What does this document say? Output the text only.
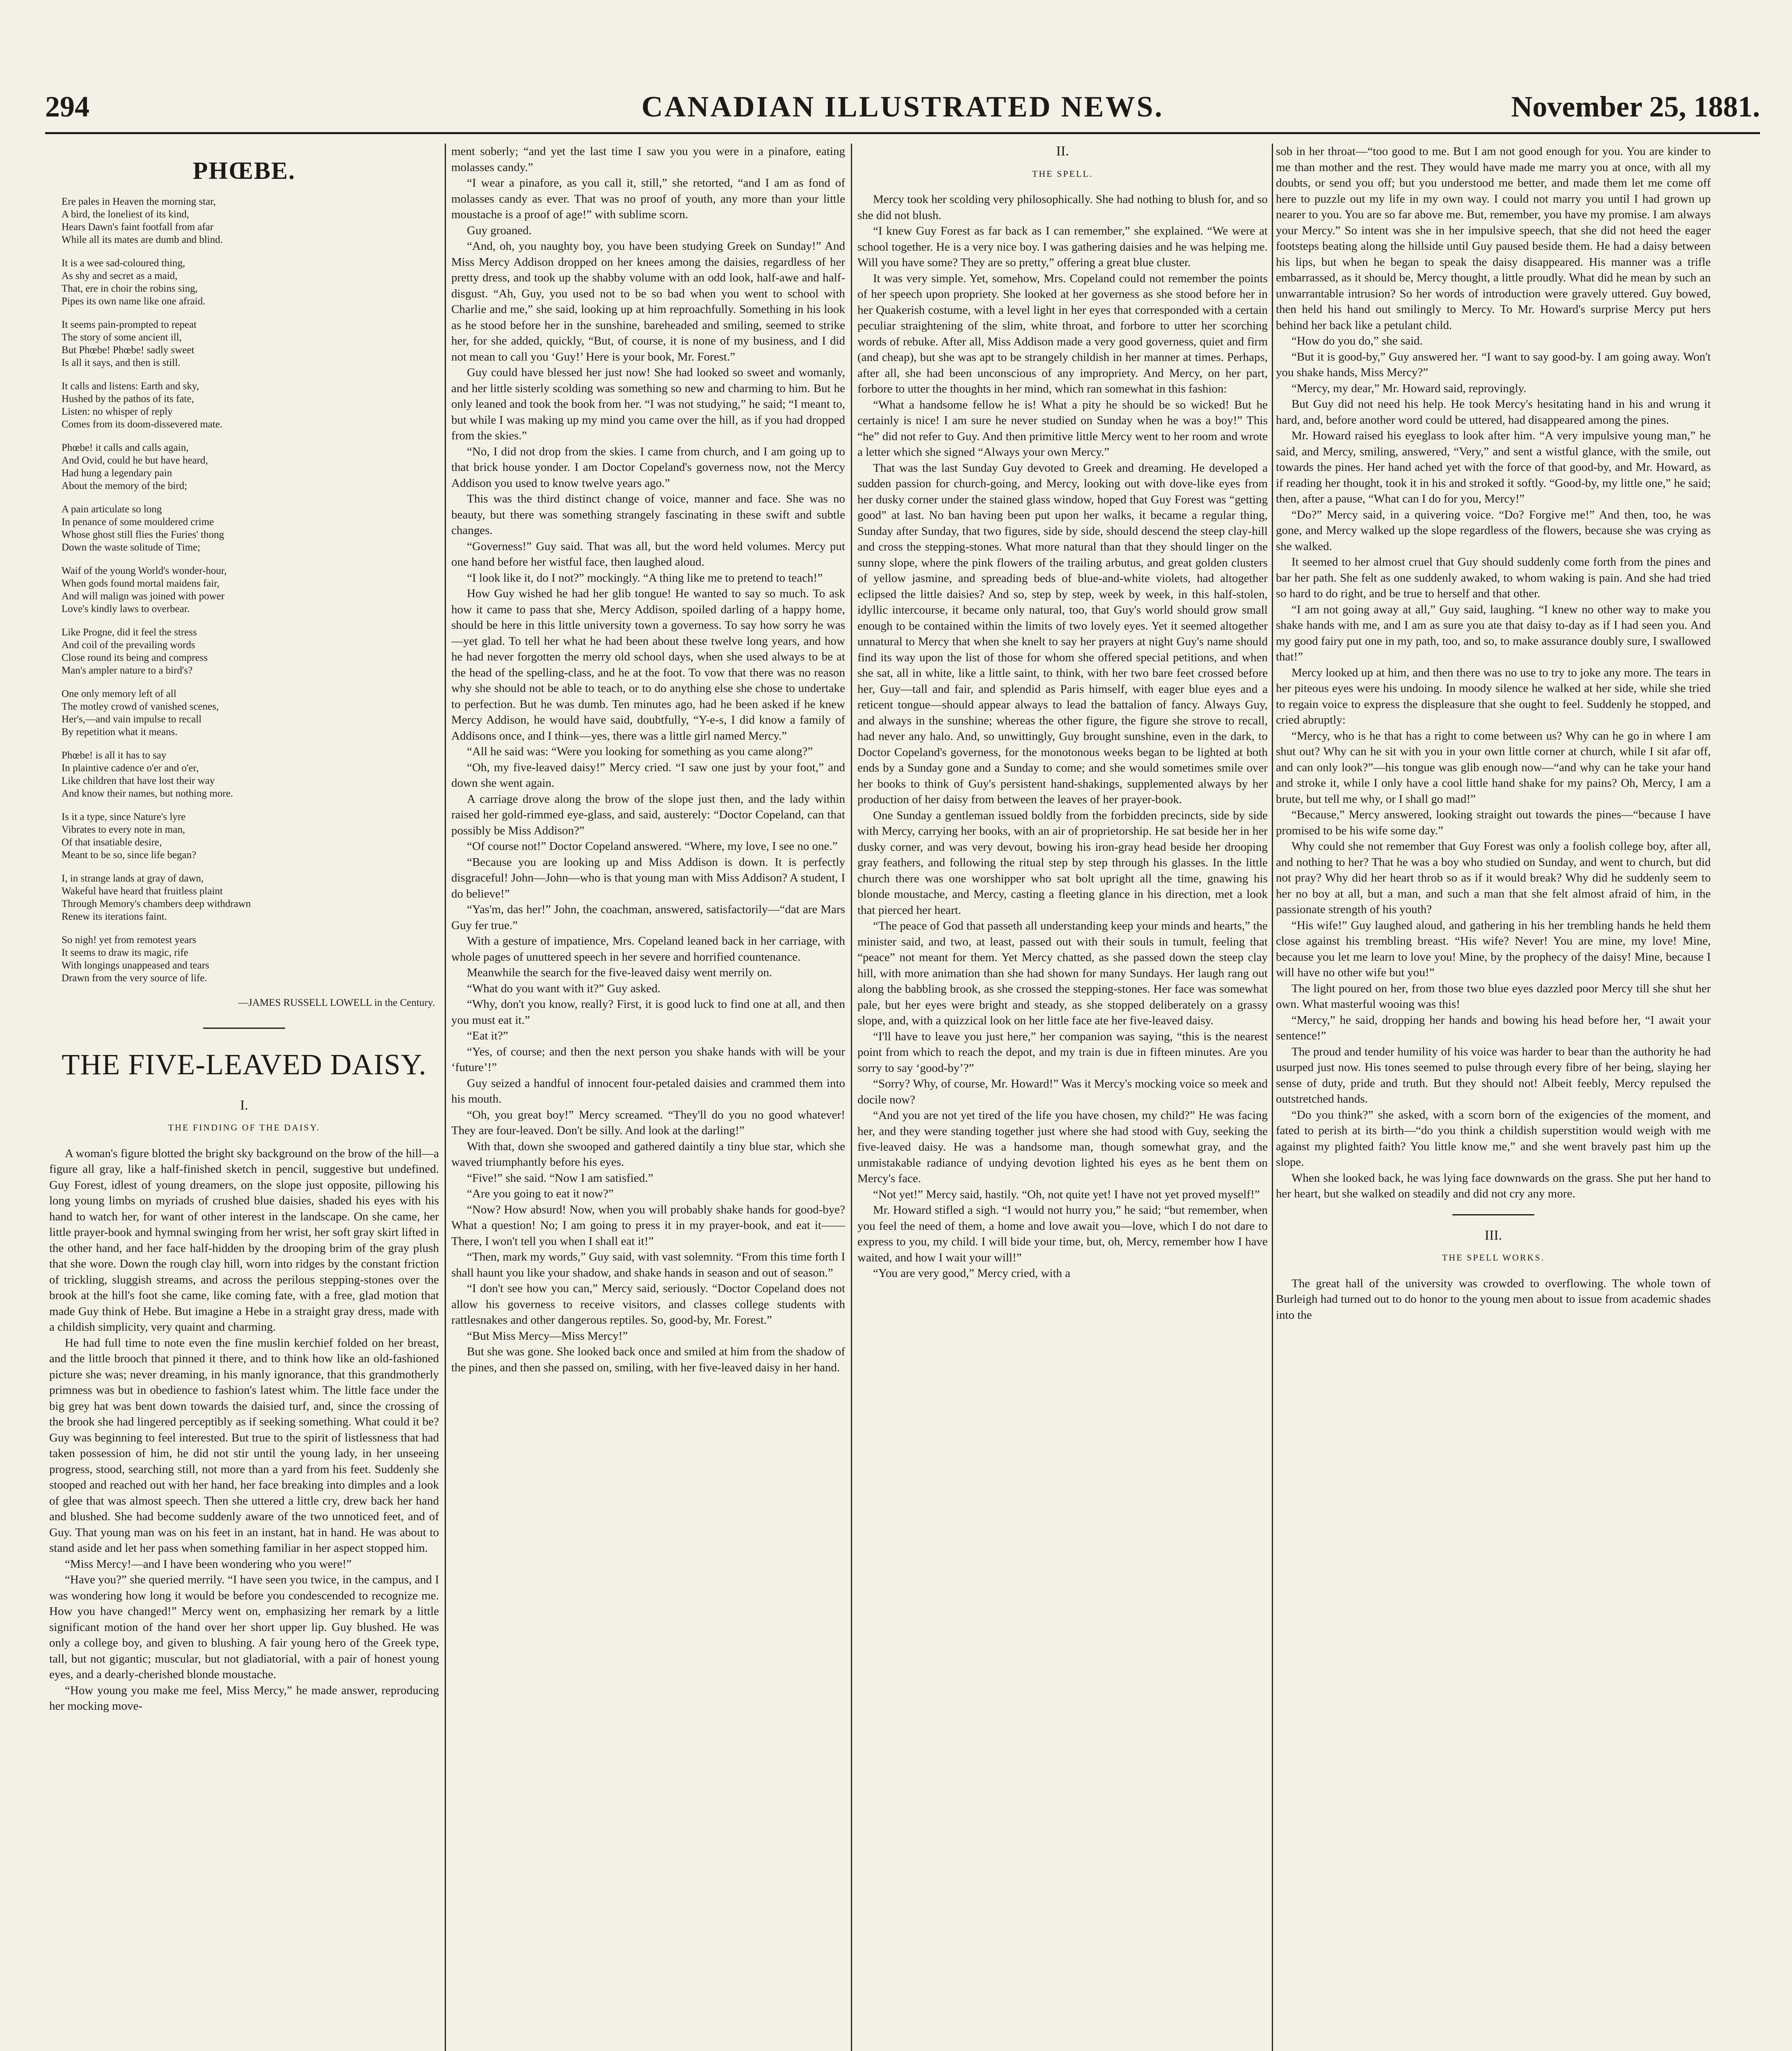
CANADIAN ILLUSTRATED NEWS.
294	November 25, 1881.
PHŒBE.
Ere pales in Heaven the morning star,
A bird, the loneliest of its kind,
Hears Dawn's faint footfall from afar
While all its mates are dumb and blind.
It is a wee sad-coloured thing,
As shy and secret as a maid,
That, ere in choir the robins sing,
Pipes its own name like one afraid.
It seems pain-prompted to repeat
The story of some ancient ill,
But Phœbe! Phœbe! sadly sweet
Is all it says, and then is still.
It calls and listens: Earth and sky,
Hushed by the pathos of its fate,
Listen: no whisper of reply
Comes from its doom-dissevered mate.
Phœbe! it calls and calls again,
And Ovid, could he but have heard,
Had hung a legendary pain
About the memory of the bird;
A pain articulate so long
In penance of some mouldered crime
Whose ghost still flies the Furies' thong
Down the waste solitude of Time;
Waif of the young World's wonder-hour,
When gods found mortal maidens fair,
And will malign was joined with power
Love's kindly laws to overbear.
Like Progne, did it feel the stress
And coil of the prevailing words
Close round its being and compress
Man's ampler nature to a bird's?
One only memory left of all
The motley crowd of vanished scenes,
Her's,—and vain impulse to recall
By repetition what it means.
Phœbe! is all it has to say
In plaintive cadence o'er and o'er,
Like children that have lost their way
And know their names, but nothing more.
Is it a type, since Nature's lyre
Vibrates to every note in man,
Of that insatiable desire,
Meant to be so, since life began?
I, in strange lands at gray of dawn,
Wakeful have heard that fruitless plaint
Through Memory's chambers deep withdrawn
Renew its iterations faint.
So nigh! yet from remotest years
It seems to draw its magic, rife
With longings unappeased and tears
Drawn from the very source of life.
—JAMES RUSSELL LOWELL in the Century.
THE FIVE-LEAVED DAISY.
I.
THE FINDING OF THE DAISY.

A woman's figure blotted the bright sky background on the brow of the hill—a figure all gray, like a half-finished sketch in pencil, suggestive but undefined. Guy Forest, idlest of young dreamers, on the slope just opposite, pillowing his long young limbs on myriads of crushed blue daisies, shaded his eyes with his hand to watch her, for want of other interest in the landscape. On she came, her little prayer-book and hymnal swinging from her wrist, her soft gray skirt lifted in the other hand, and her face half-hidden by the drooping brim of the gray plush that she wore. Down the rough clay hill, worn into ridges by the constant friction of trickling, sluggish streams, and across the perilous stepping-stones over the brook at the hill's foot she came, like coming fate, with a free, glad motion that made Guy think of Hebe. But imagine a Hebe in a straight gray dress, made with a childish simplicity, very quaint and charming.

He had full time to note even the fine muslin kerchief folded on her breast, and the little brooch that pinned it there, and to think how like an old-fashioned picture she was; never dreaming, in his manly ignorance, that this grandmotherly primness was but in obedience to fashion's latest whim. The little face under the big grey hat was bent down towards the daisied turf, and, since the crossing of the brook she had lingered perceptibly as if seeking something. What could it be? Guy was beginning to feel interested. But true to the spirit of listlessness that had taken possession of him, he did not stir until the young lady, in her unseeing progress, stood, searching still, not more than a yard from his feet. Suddenly she stooped and reached out with her hand, her face breaking into dimples and a look of glee that was almost speech. Then she uttered a little cry, drew back her hand and blushed. She had become suddenly aware of the two unnoticed feet, and of Guy. That young man was on his feet in an instant, hat in hand. He was about to stand aside and let her pass when something familiar in her aspect stopped him.

“Miss Mercy!—and I have been wondering who you were!”

“Have you?” she queried merrily. “I have seen you twice, in the campus, and I was wondering how long it would be before you condescended to recognize me. How you have changed!” Mercy went on, emphasizing her remark by a little significant motion of the hand over her short upper lip. Guy blushed. He was only a college boy, and given to blushing. A fair young hero of the Greek type, tall, but not gigantic; muscular, but not gladiatorial, with a pair of honest young eyes, and a dearly-cherished blonde moustache.

“How young you make me feel, Miss Mercy,” he made answer, reproducing her mocking move-

ment soberly; “and yet the last time I saw you you were in a pinafore, eating molasses candy.”

“I wear a pinafore, as you call it, still,” she retorted, “and I am as fond of molasses candy as ever. That was no proof of youth, any more than your little moustache is a proof of age!” with sublime scorn.

Guy groaned.

“And, oh, you naughty boy, you have been studying Greek on Sunday!” And Miss Mercy Addison dropped on her knees among the daisies, regardless of her pretty dress, and took up the shabby volume with an odd look, half-awe and half-disgust. “Ah, Guy, you used not to be so bad when you went to school with Charlie and me,” she said, looking up at him reproachfully. Something in his look as he stood before her in the sunshine, bareheaded and smiling, seemed to strike her, for she added, quickly, “But, of course, it is none of my business, and I did not mean to call you ‘Guy!’ Here is your book, Mr. Forest.”

Guy could have blessed her just now! She had looked so sweet and womanly, and her little sisterly scolding was something so new and charming to him. But he only leaned and took the book from her. “I was not studying,” he said; “I meant to, but while I was making up my mind you came over the hill, as if you had dropped from the skies.”

“No, I did not drop from the skies. I came from church, and I am going up to that brick house yonder. I am Doctor Copeland's governess now, not the Mercy Addison you used to know twelve years ago.”

This was the third distinct change of voice, manner and face. She was no beauty, but there was something strangely fascinating in these swift and subtle changes.

“Governess!” Guy said. That was all, but the word held volumes. Mercy put one hand before her wistful face, then laughed aloud.

“I look like it, do I not?” mockingly. “A thing like me to pretend to teach!”

How Guy wished he had her glib tongue! He wanted to say so much. To ask how it came to pass that she, Mercy Addison, spoiled darling of a happy home, should be here in this little university town a governess. To say how sorry he was—yet glad. To tell her what he had been about these twelve long years, and how he had never forgotten the merry old school days, when she used always to be at the head of the spelling-class, and he at the foot. To vow that there was no reason why she should not be able to teach, or to do anything else she chose to undertake to perfection. But he was dumb. Ten minutes ago, had he been asked if he knew Mercy Addison, he would have said, doubtfully, “Y-e-s, I did know a family of Addisons once, and I think—yes, there was a little girl named Mercy.”

“All he said was: “Were you looking for something as you came along?”

“Oh, my five-leaved daisy!” Mercy cried. “I saw one just by your foot,” and down she went again.

A carriage drove along the brow of the slope just then, and the lady within raised her gold-rimmed eye-glass, and said, austerely: “Doctor Copeland, can that possibly be Miss Addison?”

“Of course not!” Doctor Copeland answered. “Where, my love, I see no one.”

“Because you are looking up and Miss Addison is down. It is perfectly disgraceful! John—John—who is that young man with Miss Addison? A student, I do believe!”

“Yas'm, das her!” John, the coachman, answered, satisfactorily—“dat are Mars Guy fer true.”

With a gesture of impatience, Mrs. Copeland leaned back in her carriage, with whole pages of unuttered speech in her severe and horrified countenance.

Meanwhile the search for the five-leaved daisy went merrily on.

“What do you want with it?” Guy asked.

“Why, don't you know, really? First, it is good luck to find one at all, and then you must eat it.”

“Eat it?”

“Yes, of course; and then the next person you shake hands with will be your ‘future’!”

Guy seized a handful of innocent four-petaled daisies and crammed them into his mouth.

“Oh, you great boy!” Mercy screamed. “They'll do you no good whatever! They are four-leaved. Don't be silly. And look at the darling!”

With that, down she swooped and gathered daintily a tiny blue star, which she waved triumphantly before his eyes.

“Five!” she said. “Now I am satisfied.”

“Are you going to eat it now?”

“Now? How absurd! Now, when you will probably shake hands for good-bye? What a question! No; I am going to press it in my prayer-book, and eat it—— There, I won't tell you when I shall eat it!”

“Then, mark my words,” Guy said, with vast solemnity. “From this time forth I shall haunt you like your shadow, and shake hands in season and out of season.”

“I don't see how you can,” Mercy said, seriously. “Doctor Copeland does not allow his governess to receive visitors, and classes college students with rattlesnakes and other dangerous reptiles. So, good-by, Mr. Forest.”

“But Miss Mercy—Miss Mercy!”

But she was gone. She looked back once and smiled at him from the shadow of the pines, and then she passed on, smiling, with her five-leaved daisy in her hand.

II.
THE SPELL.

Mercy took her scolding very philosophically. She had nothing to blush for, and so she did not blush.

“I knew Guy Forest as far back as I can remember,” she explained. “We were at school together. He is a very nice boy. I was gathering daisies and he was helping me. Will you have some? They are so pretty,” offering a great blue cluster.

It was very simple. Yet, somehow, Mrs. Copeland could not remember the points of her speech upon propriety. She looked at her governess as she stood before her in her Quakerish costume, with a level light in her eyes that corresponded with a certain peculiar straightening of the slim, white throat, and forbore to utter her scorching words of rebuke. After all, Miss Addison made a very good governess, quiet and firm (and cheap), but she was apt to be strangely childish in her manner at times. Perhaps, after all, she had been unconscious of any impropriety. And Mercy, on her part, forbore to utter the thoughts in her mind, which ran somewhat in this fashion:

“What a handsome fellow he is! What a pity he should be so wicked! But he certainly is nice! I am sure he never studied on Sunday when he was a boy!” This “he” did not refer to Guy. And then primitive little Mercy went to her room and wrote a letter which she signed “Always your own Mercy.”

That was the last Sunday Guy devoted to Greek and dreaming. He developed a sudden passion for church-going, and Mercy, looking out with dove-like eyes from her dusky corner under the stained glass window, hoped that Guy Forest was “getting good” at last. No ban having been put upon her walks, it became a regular thing, Sunday after Sunday, that two figures, side by side, should descend the steep clay-hill and cross the stepping-stones. What more natural than that they should linger on the sunny slope, where the pink flowers of the trailing arbutus, and great golden clusters of yellow jasmine, and spreading beds of blue-and-white violets, had altogether eclipsed the little daisies? And so, step by step, week by week, in this half-stolen, idyllic intercourse, it became only natural, too, that Guy's world should grow small enough to be contained within the limits of two lovely eyes. Yet it seemed altogether unnatural to Mercy that when she knelt to say her prayers at night Guy's name should find its way upon the list of those for whom she offered special petitions, and when she sat, all in white, like a little saint, to think, with her two bare feet crossed before her, Guy—tall and fair, and splendid as Paris himself, with eager blue eyes and a reticent tongue—should appear always to lead the battalion of fancy. Always Guy, and always in the sunshine; whereas the other figure, the figure she strove to recall, had never any halo. And, so unwittingly, Guy brought sunshine, even in the dark, to Doctor Copeland's governess, for the monotonous weeks began to be lighted at both ends by a Sunday gone and a Sunday to come; and she would sometimes smile over her books to think of Guy's persistent hand-shakings, supplemented always by her production of her daisy from between the leaves of her prayer-book.

One Sunday a gentleman issued boldly from the forbidden precincts, side by side with Mercy, carrying her books, with an air of proprietorship. He sat beside her in her dusky corner, and was very devout, bowing his iron-gray head beside her drooping gray feathers, and following the ritual step by step through his glasses. In the little church there was one worshipper who sat bolt upright all the time, gnawing his blonde moustache, and Mercy, casting a fleeting glance in his direction, met a look that pierced her heart.

“The peace of God that passeth all understanding keep your minds and hearts,” the minister said, and two, at least, passed out with their souls in tumult, feeling that “peace” not meant for them. Yet Mercy chatted, as she passed down the steep clay hill, with more animation than she had shown for many Sundays. Her laugh rang out along the babbling brook, as she crossed the stepping-stones. Her face was somewhat pale, but her eyes were bright and steady, as she stopped deliberately on a grassy slope, and, with a quizzical look on her little face ate her five-leaved daisy.

“I'll have to leave you just here,” her companion was saying, “this is the nearest point from which to reach the depot, and my train is due in fifteen minutes. Are you sorry to say ‘good-by’?”

“Sorry? Why, of course, Mr. Howard!” Was it Mercy's mocking voice so meek and docile now?

“And you are not yet tired of the life you have chosen, my child?” He was facing her, and they were standing together just where she had stood with Guy, seeking the five-leaved daisy. He was a handsome man, though somewhat gray, and the unmistakable radiance of undying devotion lighted his eyes as he bent them on Mercy's face.

“Not yet!” Mercy said, hastily. “Oh, not quite yet! I have not yet proved myself!”

Mr. Howard stifled a sigh. “I would not hurry you,” he said; “but remember, when you feel the need of them, a home and love await you—love, which I do not dare to express to you, my child. I will bide your time, but, oh, Mercy, remember how I have waited, and how I wait your will!”

“You are very good,” Mercy cried, with a

sob in her throat—“too good to me. But I am not good enough for you. You are kinder to me than mother and the rest. They would have made me marry you at once, with all my doubts, or send you off; but you understood me better, and made them let me come off here to puzzle out my life in my own way. I could not marry you until I had grown up nearer to you. You are so far above me. But, remember, you have my promise. I am always your Mercy.” So intent was she in her impulsive speech, that she did not heed the eager footsteps beating along the hillside until Guy paused beside them. He had a daisy between his lips, but when he began to speak the daisy disappeared. His manner was a trifle embarrassed, as it should be, Mercy thought, a little proudly. What did he mean by such an unwarrantable intrusion? So her words of introduction were gravely uttered. Guy bowed, then held his hand out smilingly to Mercy. To Mr. Howard's surprise Mercy put hers behind her back like a petulant child.

“How do you do,” she said.

“But it is good-by,” Guy answered her. “I want to say good-by. I am going away. Won't you shake hands, Miss Mercy?”

“Mercy, my dear,” Mr. Howard said, reprovingly.

But Guy did not need his help. He took Mercy's hesitating hand in his and wrung it hard, and, before another word could be uttered, had disappeared among the pines.

Mr. Howard raised his eyeglass to look after him. “A very impulsive young man,” he said, and Mercy, smiling, answered, “Very,” and sent a wistful glance, with the smile, out towards the pines. Her hand ached yet with the force of that good-by, and Mr. Howard, as if reading her thought, took it in his and stroked it softly. “Good-by, my little one,” he said; then, after a pause, “What can I do for you, Mercy!”

“Do?” Mercy said, in a quivering voice. “Do? Forgive me!” And then, too, he was gone, and Mercy walked up the slope regardless of the flowers, because she was crying as she walked.

It seemed to her almost cruel that Guy should suddenly come forth from the pines and bar her path. She felt as one suddenly awaked, to whom waking is pain. And she had tried so hard to do right, and be true to herself and that other.

“I am not going away at all,” Guy said, laughing. “I knew no other way to make you shake hands with me, and I am as sure you ate that daisy to-day as if I had seen you. And my good fairy put one in my path, too, and so, to make assurance doubly sure, I swallowed that!”

Mercy looked up at him, and then there was no use to try to joke any more. The tears in her piteous eyes were his undoing. In moody silence he walked at her side, while she tried to regain voice to express the displeasure that she ought to feel. Suddenly he stopped, and cried abruptly:

“Mercy, who is he that has a right to come between us? Why can he go in where I am shut out? Why can he sit with you in your own little corner at church, while I sit afar off, and can only look?”—his tongue was glib enough now—“and why can he take your hand and stroke it, while I only have a cool little hand shake for my pains? Oh, Mercy, I am a brute, but tell me why, or I shall go mad!”

“Because,” Mercy answered, looking straight out towards the pines—“because I have promised to be his wife some day.”

Why could she not remember that Guy Forest was only a foolish college boy, after all, and nothing to her? That he was a boy who studied on Sunday, and went to church, but did not pray? Why did her heart throb so as if it would break? Why did he suddenly seem to her no boy at all, but a man, and such a man that she felt almost afraid of him, in the passionate strength of his youth?

“His wife!” Guy laughed aloud, and gathering in his her trembling hands he held them close against his trembling breast. “His wife? Never! You are mine, my love! Mine, because you let me learn to love you! Mine, by the prophecy of the daisy! Mine, because I will have no other wife but you!”

The light poured on her, from those two blue eyes dazzled poor Mercy till she shut her own. What masterful wooing was this!

“Mercy,” he said, dropping her hands and bowing his head before her, “I await your sentence!”

The proud and tender humility of his voice was harder to bear than the authority he had usurped just now. His tones seemed to pulse through every fibre of her being, slaying her sense of duty, pride and truth. But they should not! Albeit feebly, Mercy repulsed the outstretched hands.

“Do you think?” she asked, with a scorn born of the exigencies of the moment, and fated to perish at its birth—“do you think a childish superstition would weigh with me against my plighted faith? You little know me,” and she went bravely past him up the slope.

When she looked back, he was lying face downwards on the grass. She put her hand to her heart, but she walked on steadily and did not cry any more.

III.
THE SPELL WORKS.

The great hall of the university was crowded to overflowing. The whole town of Burleigh had turned out to do honor to the young men about to issue from academic shades into the
